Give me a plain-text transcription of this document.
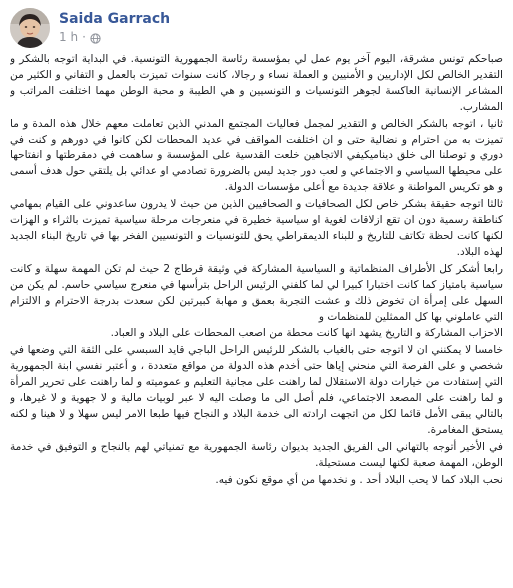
Saida Garrach
1 h ·

صباحكم تونس مشرقة، اليوم آخر يوم عمل لي بمؤسسة رئاسة الجمهورية التونسية. في البداية اتوجه بالشكر و التقدير الخالص لكل الإداريين و الأمنيين و العملة نساء و رجالا، كانت سنوات تميزت بالعمل و التفاني و الكثير من المشاعر الإنسانية العاكسة لجوهر التونسيات و التونسيين و هي الطيبة و محبة الوطن مهما اختلفت المراتب و المشارب.

ثانيا ، اتوجه بالشكر الخالص و التقدير لمجمل فعاليات المجتمع المدني الذين تعاملت معهم خلال هذه المدة و ما تميزت به من احترام و نضالية حتى و ان اختلفت المواقف في عديد المحطات لكن كانوا في دورهم و كنت في دوري و توصلنا الى خلق ديناميكيفي الاتجاهين خلعت القدسية على المؤسسة و ساهمت في دمقرطتها و انفتاحها على محيطها السياسي و الاجتماعي و لعب دور جديد ليس بالضرورة تصادمي او عدائي بل يلتقي حول هدف أسمى و هو تكريس المواطنة و علاقة جديدة مع أعلى مؤسسات الدولة.

ثالثا اتوجه حقيقة بشكر خاص لكل الصحافيات و الصحافيين الذين من حيث لا يدرون ساعدوني على القيام بمهامي كناطقة رسمية دون ان تقع ازلاقات لغوية او سياسية خطيرة في منعرجات مرحلة سياسية تميزت بالثراء و الهزات لكنها كانت لحظة تكاتف للتاريخ و للبناء الديمقراطي يحق للتونسيات و التونسيين الفخر بها في تاريخ البناء الجديد لهذه البلاد.

رابعا أشكر كل الأطراف المنظماتية و السياسية المشاركة في وثيقة قرطاج 2 حيث لم تكن المهمة سهلة و كانت سياسية بامتياز كما كانت اختبارا كبيرا لي لما كلفني الرئيس الراحل بترأسها في منعرج سياسي حاسم. لم يكن من السهل على إمرأة ان تخوض ذلك و عشت التجربة بعمق و مهابة كبيرتين لكن سعدت بدرجة الاحترام و الالتزام التي عاملوني بها كل الممثلين للمنظمات و

الاحزاب المشاركة و التاريخ يشهد انها كانت محطة من اصعب المحطات على البلاد و العباد.

خامسا لا يمكنني ان لا اتوجه حتى بالغياب بالشكر للرئيس الراحل الباجي قايد السبسي على الثقة التي وضعها في شخصي و على الفرصة التي منحني إياها حتى أخدم هذه الدولة من مواقع متعددة ، و أعتبر نفسي ابنة الجمهورية التي إستفادت من خيارات دولة الاستقلال لما راهنت على مجانية التعليم و عموميته و لما راهنت على تحرير المرأة و لما راهنت على المصعد الاجتماعي، فلم أصل الى ما وصلت اليه لا عبر لوبيات مالية و لا جهوية و لا غيرها، و بالتالي يبقى الأمل قائما لكل من اتجهت ارادته الى خدمة البلاد و النجاح فيها طبعا الامر ليس سهلا و لا هينا و لكنه يستحق المغامرة.

في الأخير أتوجه بالتهاني الى الفريق الجديد بديوان رئاسة الجمهورية مع تمنياتي لهم بالنجاح و التوفيق في خدمة الوطن، المهمة صعبة لكنها ليست مستحيلة.

نحب البلاد كما لا يحب البلاد أحد . و نخدمها من أي موقع نكون فيه.
